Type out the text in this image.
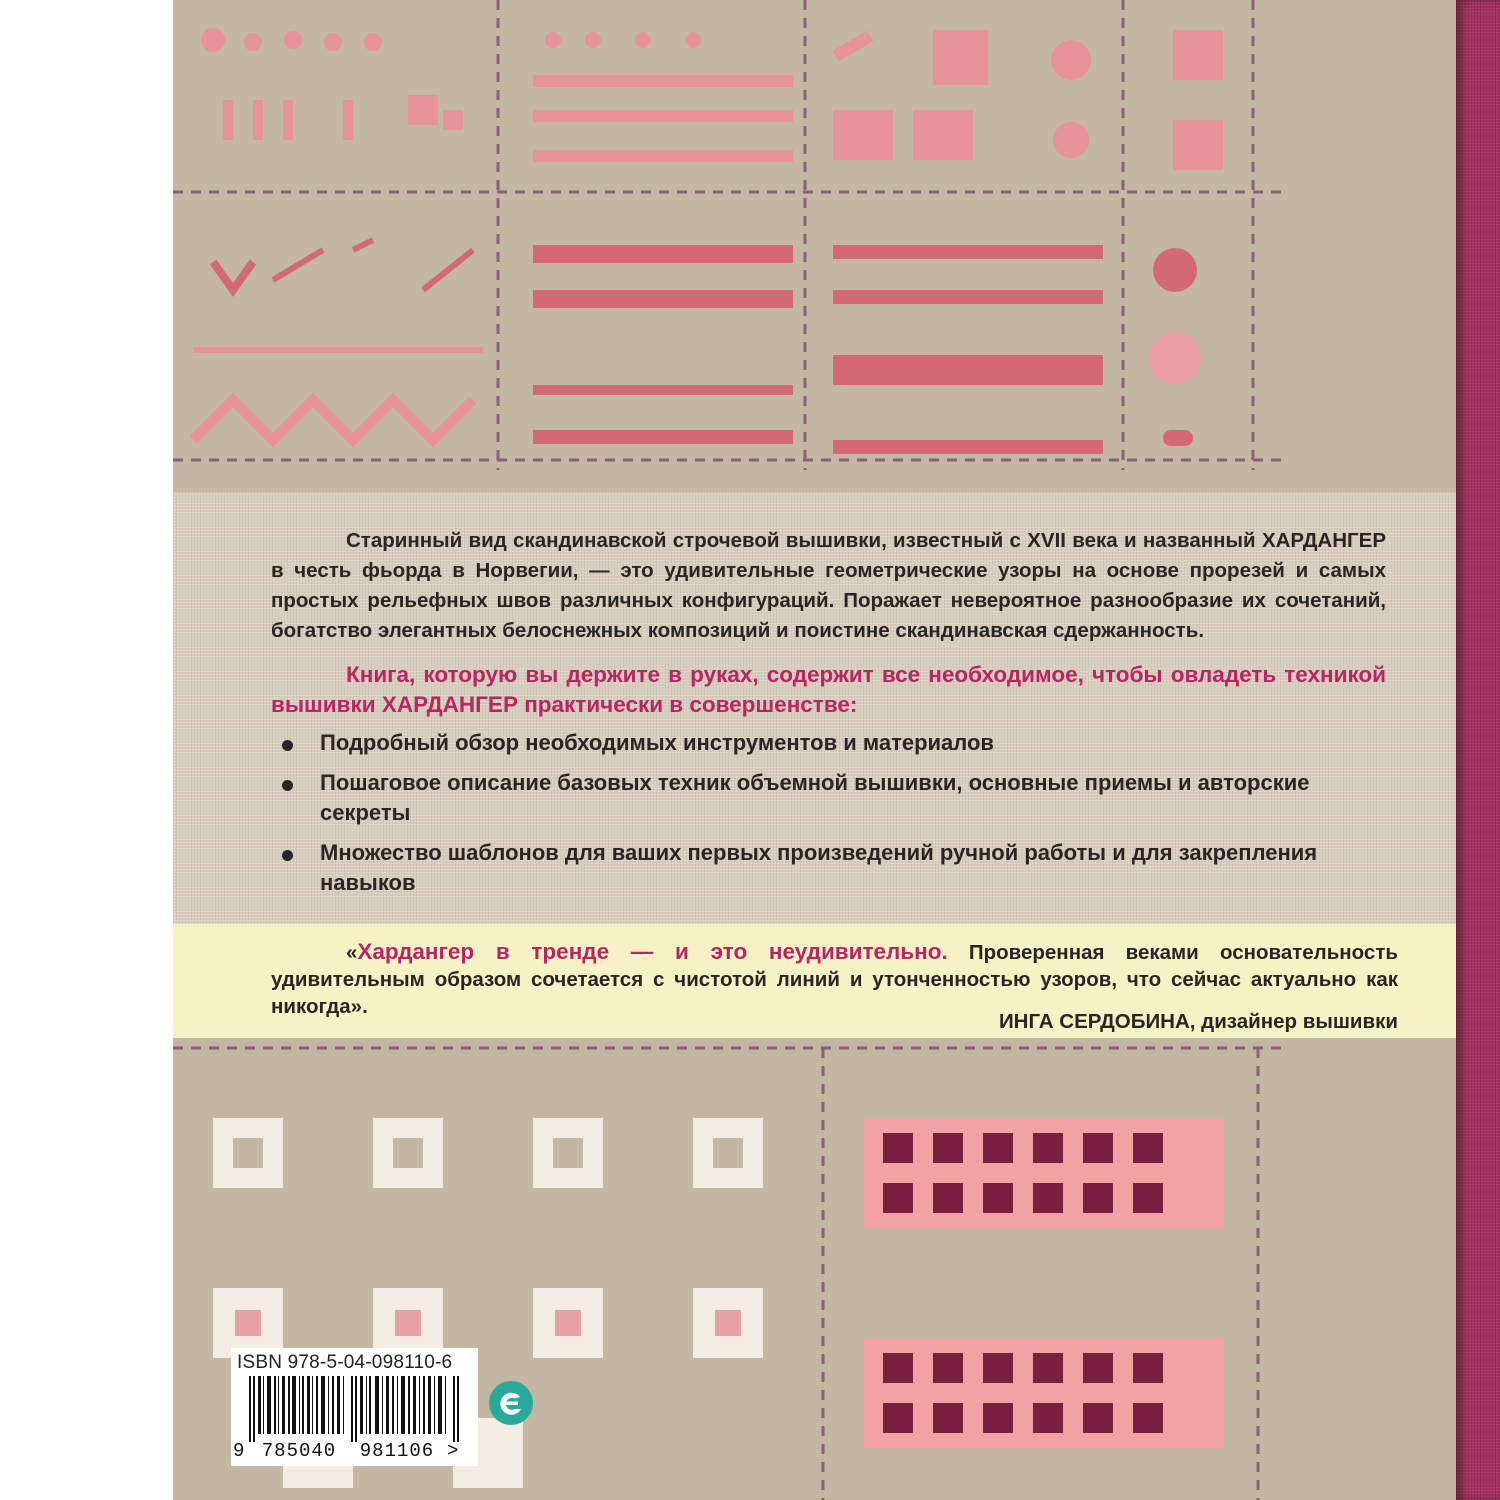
Старинный вид скандинавской строчевой вышивки, известный с XVII века и названный ХАРДАНГЕР в честь фьорда в Норвегии, — это удивительные геометрические узоры на основе прорезей и самых простых рельефных швов различных конфигураций. Поражает невероятное разнообразие их сочетаний, богатство элегантных белоснежных композиций и поистине скандинавская сдержанность.

Книга, которую вы держите в руках, содержит все необходимое, чтобы овладеть техникой вышивки ХАРДАНГЕР практически в совершенстве:

Подробный обзор необходимых инструментов и материалов
Пошаговое описание базовых техник объемной вышивки, основные приемы и авторские секреты
Множество шаблонов для ваших первых произведений ручной работы и для закрепления навыков

«Хардангер в тренде — и это неудивительно. Проверенная веками основательность удивительным образом сочетается с чистотой линий и утонченностью узоров, что сейчас актуально как никогда».

ИНГА СЕРДОБИНА, дизайнер вышивки
ISBN 978-5-04-098110-6
9 785040 981106 >
